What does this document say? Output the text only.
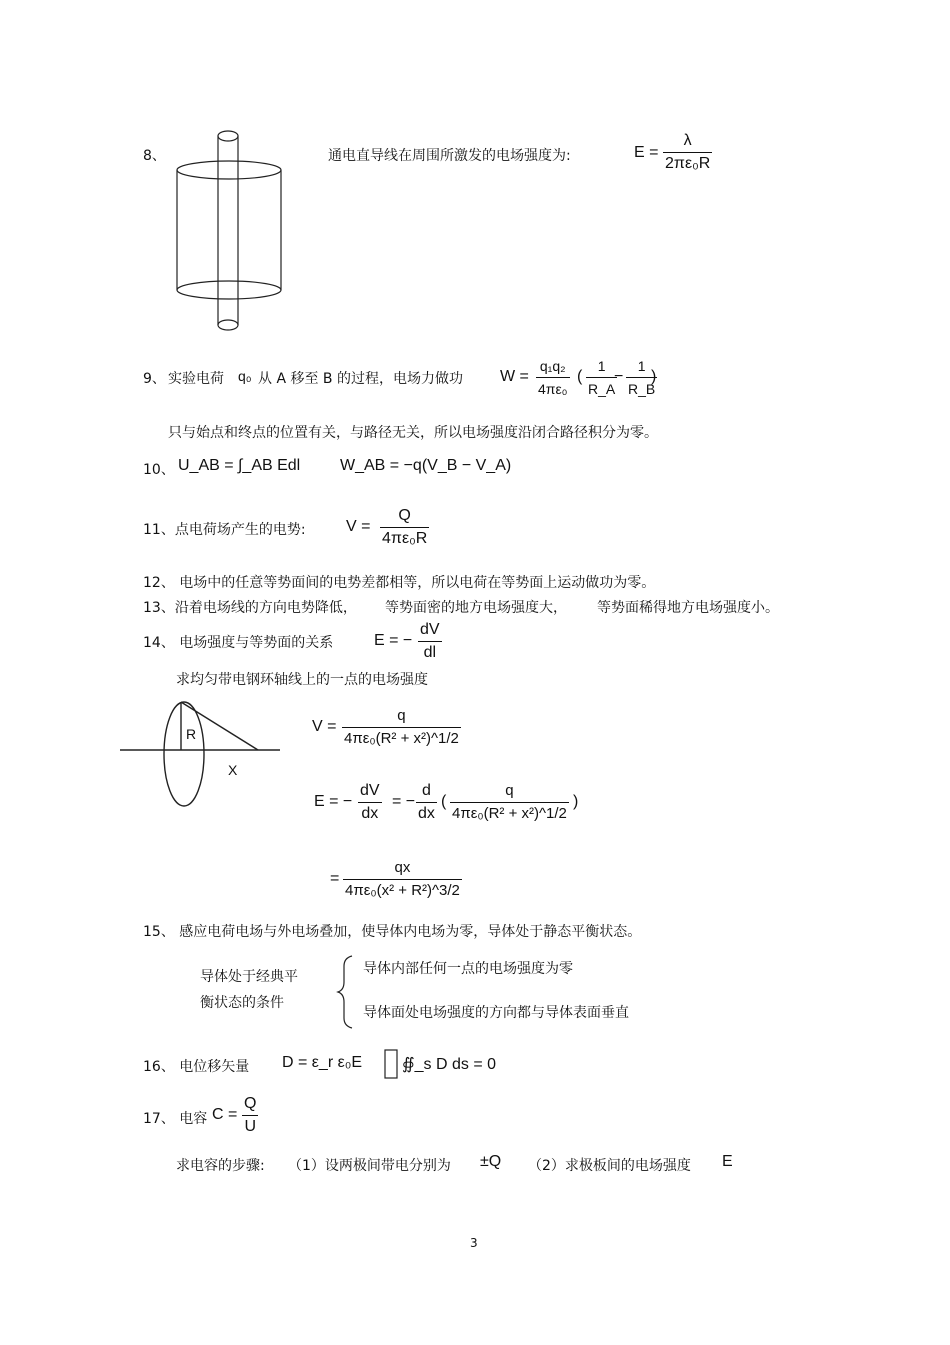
8、	通电直导线在周围所激发的电场强度为:	$E = \frac{\lambda}{\text{2πε₀R}}$
9、 实验电荷 q₀ 从 A 移至 B 的过程，电场力做功 $W = \frac{\text{q₁q₂}}{\text{4πε₀}}$ ( $\frac{1}{R\_A}$
− $\frac{1}{R\_B}$
)
只与始点和终点的位置有关，与路径无关，所以电场强度沿闭合路径积分为零。
10、 U_AB = ∫_AB Edl W_AB = −q(V_B − V_A)
11、点电荷场产生的电势:	$V = \frac{Q}{\text{4πε₀R}}$
12、 电场中的任意等势面间的电势差都相等，所以电荷在等势面上运动做功为零。
13、沿着电场线的方向电势降低， 等势面密的地方电场强度大， 等势面稀得地方电场强度小。
14、 电场强度与等势面的关系	E = − $\frac{dV}{dl}$
求均匀带电钢环轴线上的一点的电场强度
R
X
$V = \frac{q}{\text{4πε₀(R² + x²)\textasciicircum{}1/2}}$
E = − $\frac{dV}{dx}$ = − $\frac{d}{dx}$ ( $\frac{q}{\text{4πε₀(R² + x²)\textasciicircum{}1/2}}$ )
= $\frac{qx}{\text{4πε₀(x² + R²)\textasciicircum{}3/2}}$
15、 感应电荷电场与外电场叠加，使导体内电场为零，导体处于静态平衡状态。
导体处于经典平
衡状态的条件
导体内部任何一点的电场强度为零
导体面处电场强度的方向都与导体表面垂直
16、 电位移矢量 D = ε_r ε₀E ∯_s D ds = 0
17、 电容 $C = \frac{Q}{U}$
求电容的步骤: （1）设两极间带电分别为 ±Q （2）求极板间的电场强度 E
3
